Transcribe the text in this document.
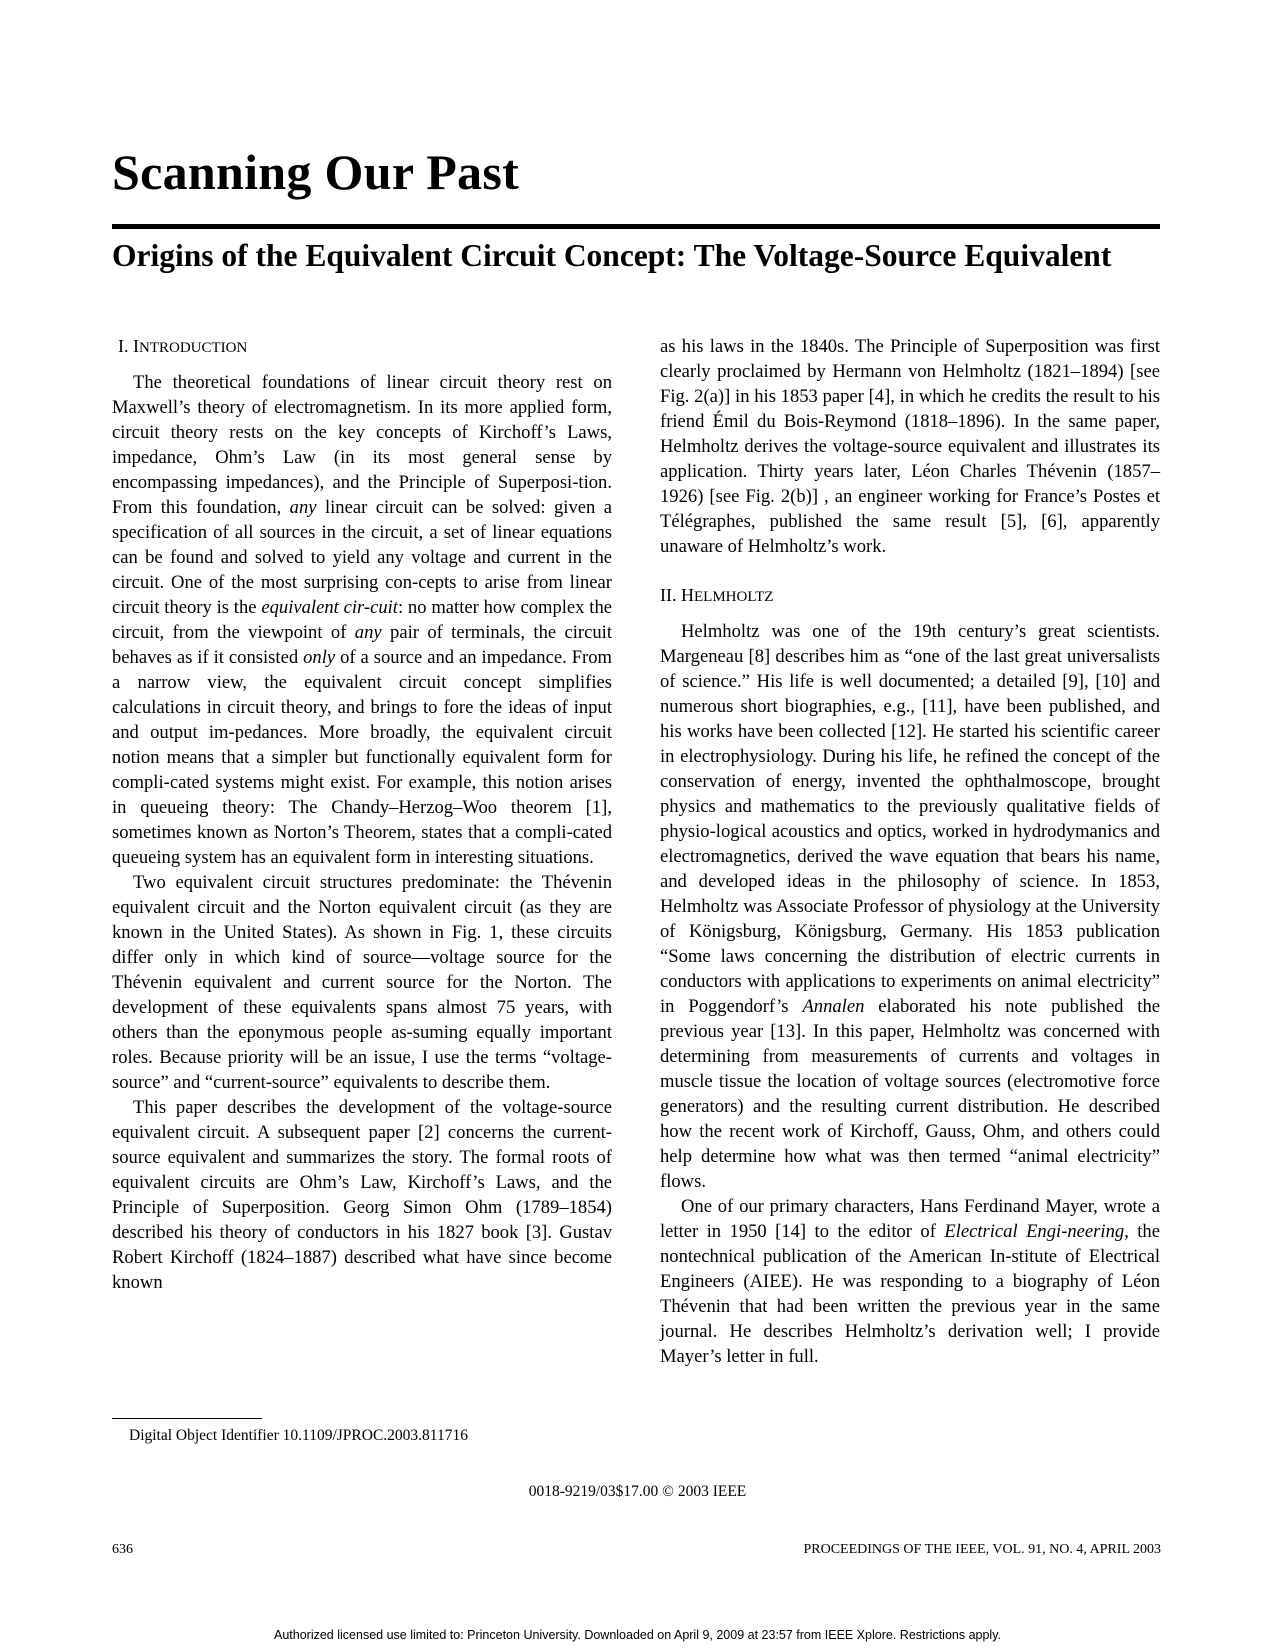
Scanning Our Past
Origins of the Equivalent Circuit Concept: The Voltage-Source Equivalent
I. INTRODUCTION

The theoretical foundations of linear circuit theory rest on Maxwell’s theory of electromagnetism. In its more applied form, circuit theory rests on the key concepts of Kirchoff’s Laws, impedance, Ohm’s Law (in its most general sense by encompassing impedances), and the Principle of Superposi-tion. From this foundation, any linear circuit can be solved: given a specification of all sources in the circuit, a set of linear equations can be found and solved to yield any voltage and current in the circuit. One of the most surprising con-cepts to arise from linear circuit theory is the equivalent cir-cuit: no matter how complex the circuit, from the viewpoint of any pair of terminals, the circuit behaves as if it consisted only of a source and an impedance. From a narrow view, the equivalent circuit concept simplifies calculations in circuit theory, and brings to fore the ideas of input and output im-pedances. More broadly, the equivalent circuit notion means that a simpler but functionally equivalent form for compli-cated systems might exist. For example, this notion arises in queueing theory: The Chandy–Herzog–Woo theorem [1], sometimes known as Norton’s Theorem, states that a compli-cated queueing system has an equivalent form in interesting situations.

Two equivalent circuit structures predominate: the Thévenin equivalent circuit and the Norton equivalent circuit (as they are known in the United States). As shown in Fig. 1, these circuits differ only in which kind of source—voltage source for the Thévenin equivalent and current source for the Norton. The development of these equivalents spans almost 75 years, with others than the eponymous people as-suming equally important roles. Because priority will be an issue, I use the terms “voltage-source” and “current-source” equivalents to describe them.

This paper describes the development of the voltage-source equivalent circuit. A subsequent paper [2] concerns the current-source equivalent and summarizes the story. The formal roots of equivalent circuits are Ohm’s Law, Kirchoff’s Laws, and the Principle of Superposition. Georg Simon Ohm (1789–1854) described his theory of conductors in his 1827 book [3]. Gustav Robert Kirchoff (1824–1887) described what have since become known

as his laws in the 1840s. The Principle of Superposition was first clearly proclaimed by Hermann von Helmholtz (1821–1894) [see Fig. 2(a)] in his 1853 paper [4], in which he credits the result to his friend Émil du Bois-Reymond (1818–1896). In the same paper, Helmholtz derives the voltage-source equivalent and illustrates its application. Thirty years later, Léon Charles Thévenin (1857–1926) [see Fig. 2(b)] , an engineer working for France’s Postes et Télégraphes, published the same result [5], [6], apparently unaware of Helmholtz’s work.

II. HELMHOLTZ

Helmholtz was one of the 19th century’s great scientists. Margeneau [8] describes him as “one of the last great universalists of science.” His life is well documented; a detailed [9], [10] and numerous short biographies, e.g., [11], have been published, and his works have been collected [12]. He started his scientific career in electrophysiology. During his life, he refined the concept of the conservation of energy, invented the ophthalmoscope, brought physics and mathematics to the previously qualitative fields of physio-logical acoustics and optics, worked in hydrodymanics and electromagnetics, derived the wave equation that bears his name, and developed ideas in the philosophy of science. In 1853, Helmholtz was Associate Professor of physiology at the University of Königsburg, Königsburg, Germany. His 1853 publication “Some laws concerning the distribution of electric currents in conductors with applications to experiments on animal electricity” in Poggendorf’s Annalen elaborated his note published the previous year [13]. In this paper, Helmholtz was concerned with determining from measurements of currents and voltages in muscle tissue the location of voltage sources (electromotive force generators) and the resulting current distribution. He described how the recent work of Kirchoff, Gauss, Ohm, and others could help determine how what was then termed “animal electricity” flows.

One of our primary characters, Hans Ferdinand Mayer, wrote a letter in 1950 [14] to the editor of Electrical Engi-neering, the nontechnical publication of the American In-stitute of Electrical Engineers (AIEE). He was responding to a biography of Léon Thévenin that had been written the previous year in the same journal. He describes Helmholtz’s derivation well; I provide Mayer’s letter in full.

Digital Object Identifier 10.1109/JPROC.2003.811716
0018-9219/03$17.00 © 2003 IEEE
636	PROCEEDINGS OF THE IEEE, VOL. 91, NO. 4, APRIL 2003
Authorized licensed use limited to: Princeton University. Downloaded on April 9, 2009 at 23:57 from IEEE Xplore. Restrictions apply.
